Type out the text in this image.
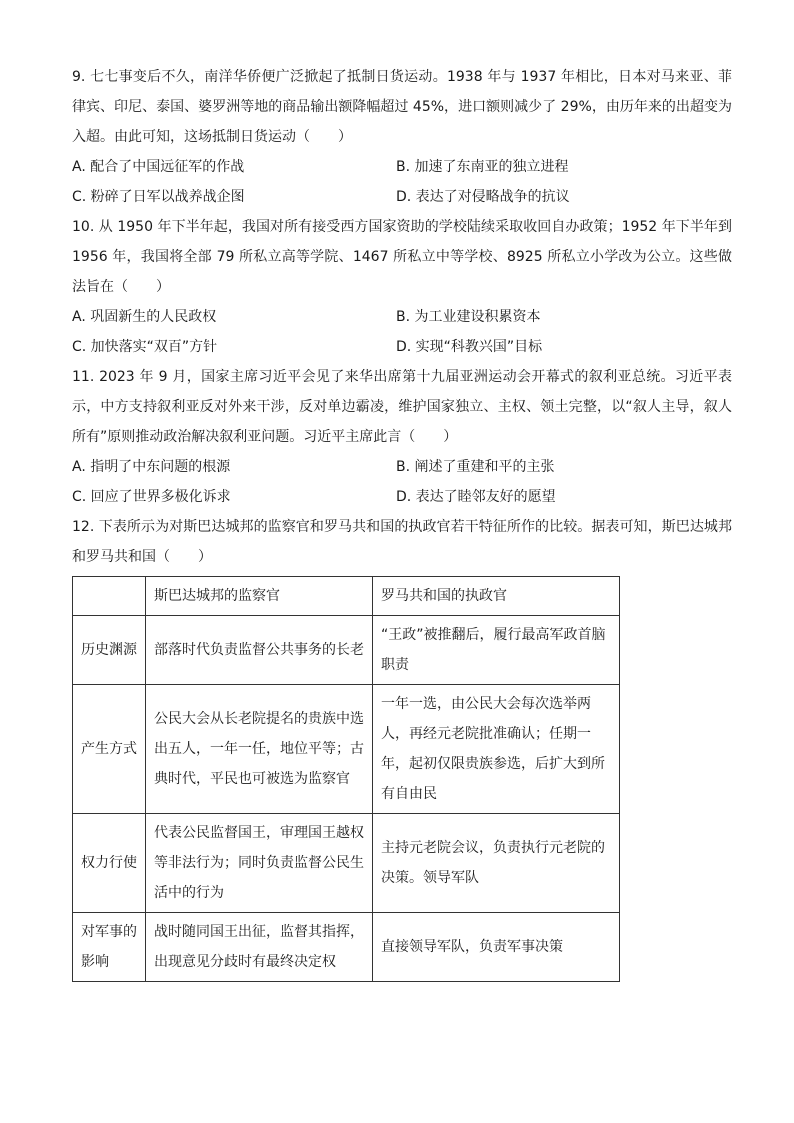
9. 七七事变后不久，南洋华侨便广泛掀起了抵制日货运动。1938 年与 1937 年相比，日本对马来亚、菲律宾、印尼、泰国、婆罗洲等地的商品输出额降幅超过 45%，进口额则减少了 29%，由历年来的出超变为入超。由此可知，这场抵制日货运动（　　）

A. 配合了中国远征军的作战	B. 加速了东南亚的独立进程
C. 粉碎了日军以战养战企图	D. 表达了对侵略战争的抗议

10. 从 1950 年下半年起，我国对所有接受西方国家资助的学校陆续采取收回自办政策；1952 年下半年到 1956 年，我国将全部 79 所私立高等学院、1467 所私立中等学校、8925 所私立小学改为公立。这些做法旨在（　　）

A. 巩固新生的人民政权	B. 为工业建设积累资本
C. 加快落实“双百”方针	D. 实现“科教兴国”目标

11. 2023 年 9 月，国家主席习近平会见了来华出席第十九届亚洲运动会开幕式的叙利亚总统。习近平表示，中方支持叙利亚反对外来干涉，反对单边霸凌，维护国家独立、主权、领土完整，以“叙人主导，叙人所有”原则推动政治解决叙利亚问题。习近平主席此言（　　）

A. 指明了中东问题的根源	B. 阐述了重建和平的主张
C. 回应了世界多极化诉求	D. 表达了睦邻友好的愿望

12. 下表所示为对斯巴达城邦的监察官和罗马共和国的执政官若干特征所作的比较。据表可知，斯巴达城邦和罗马共和国（　　）

	斯巴达城邦的监察官	罗马共和国的执政官
历史渊源	部落时代负责监督公共事务的长老	“王政”被推翻后，履行最高军政首脑职责
产生方式	公民大会从长老院提名的贵族中选出五人，一年一任，地位平等；古典时代，平民也可被选为监察官	一年一选，由公民大会每次选举两人，再经元老院批准确认；任期一年，起初仅限贵族参选，后扩大到所有自由民
权力行使	代表公民监督国王，审理国王越权等非法行为；同时负责监督公民生活中的行为	主持元老院会议，负责执行元老院的决策。领导军队
对军事的影响	战时随同国王出征，监督其指挥，出现意见分歧时有最终决定权	直接领导军队，负责军事决策
